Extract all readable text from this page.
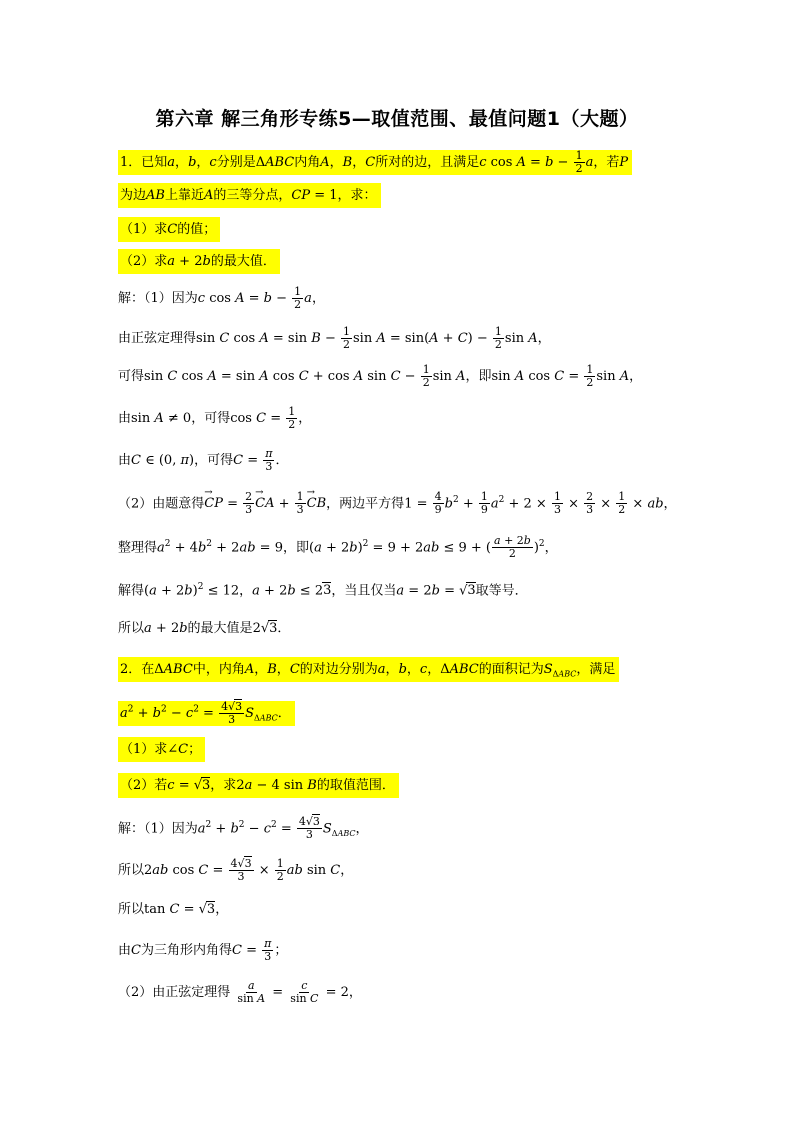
第六章 解三角形专练5—取值范围、最值问题1（大题）
1．已知a，b，c分别是ΔABC内角A，B，C所对的边，且满足c $\cos A = b - \frac{1}{2}$ a，若P
为边AB上靠近A的三等分点，CP = 1，求：
（1）求C的值；
（2）求a + 2b的最大值．
解：（1）因为c $\cos A = b - \frac{1}{2}$ a，
由正弦定理得sin C $\cos A = \sin B - \frac{1}{2}$ $\sin A = \sin(A + C) - \frac{1}{2}$ sin A，
可得sin C cos A = sin A cos C + cos A $\sin C - \frac{1}{2}$ sin A，即sin A $\cos C = \frac{1}{2}$ sin A，
由sin A ≠ 0，可得$\cos C = \frac{1}{2}$ ，
由C ∈ (0, π)，可得$C = \frac{\pi}{3}$ ．
（2）由题意得→ CP = $\frac{2}{3}$ → CA + $\frac{1}{3}$ → CB，两边平方得$1 = \frac{4}{9} b^2 + \frac{1}{9} a^2 + 2 \times \frac{1}{3} \times \frac{2}{3} \times \frac{1}{2}$ × ab，
整理得$a^2 + 4b^2 + 2ab = 9$，即$(a + 2b)^2 = 9 + 2ab \le 9$ + ( $\frac{a + 2b}{2} )^2$，
解得$(a + 2b)^2 \le 12$，a + 2b ≤ 23，当且仅当a = 2b = √3取等号．
所以a + 2b的最大值是2√3．
2．在ΔABC中，内角A，B，C的对边分别为a，b，c，ΔABC的面积记为$S_{\Delta ABC}$，满足
$a^2 + b^2 - c^2 = \frac{4√3}{3} S_{\Delta ABC}$．
（1）求∠C；
（2）若c = √3，求2a − 4 sin B的取值范围．
解：（1）因为$a^2 + b^2 - c^2 = \frac{4√3}{3} S_{\Delta ABC}$，
所以2ab $\cos C = \frac{4√3}{3} \times \frac{1}{2}$ ab sin C，
所以tan C = √3，
由C为三角形内角得$C = \frac{\pi}{3}$ ；
（2）由正弦定理得 $\frac{a}{\text{sin A}} = \frac{c}{\text{sin C}} = 2$，
